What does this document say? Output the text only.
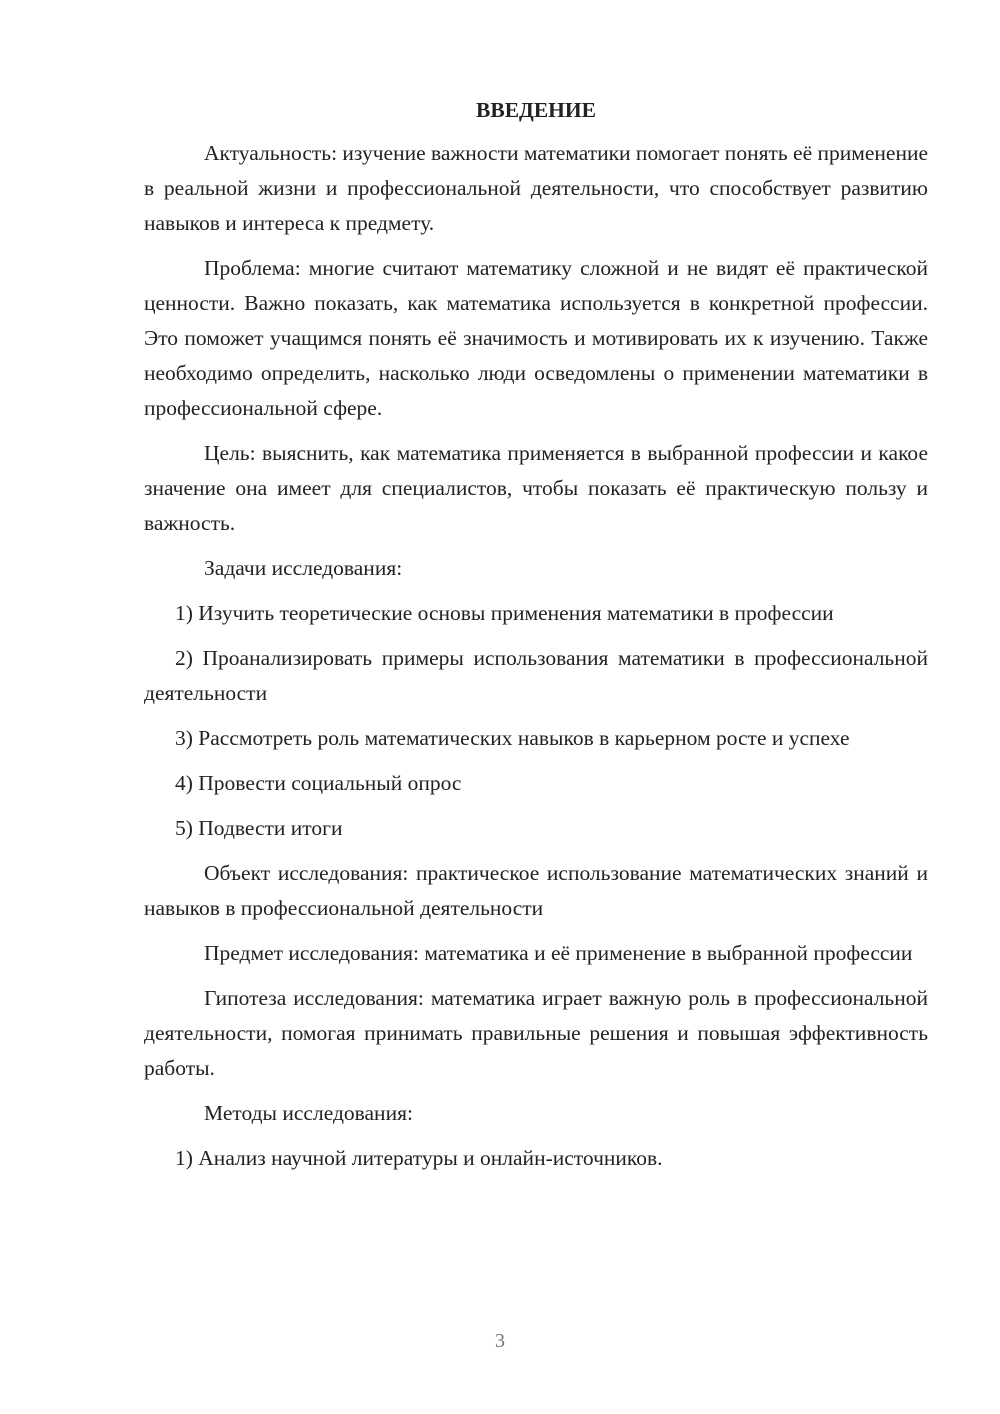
ВВЕДЕНИЕ

Актуальность: изучение важности математики помогает понять её применение в реальной жизни и профессиональной деятельности, что способствует развитию навыков и интереса к предмету.

Проблема: многие считают математику сложной и не видят её практической ценности. Важно показать, как математика используется в конкретной профессии. Это поможет учащимся понять её значимость и мотивировать их к изучению. Также необходимо определить, насколько люди осведомлены о применении математики в профессиональной сфере.

Цель: выяснить, как математика применяется в выбранной профессии и какое значение она имеет для специалистов, чтобы показать её практическую пользу и важность.

Задачи исследования:

1) Изучить теоретические основы применения математики в профессии

2) Проанализировать примеры использования математики в профессиональной деятельности

3) Рассмотреть роль математических навыков в карьерном росте и успехе

4) Провести социальный опрос

5) Подвести итоги

Объект исследования: практическое использование математических знаний и навыков в профессиональной деятельности

Предмет исследования: математика и её применение в выбранной профессии

Гипотеза исследования: математика играет важную роль в профессиональной деятельности, помогая принимать правильные решения и повышая эффективность работы.

Методы исследования:

1) Анализ научной литературы и онлайн-источников.

3
